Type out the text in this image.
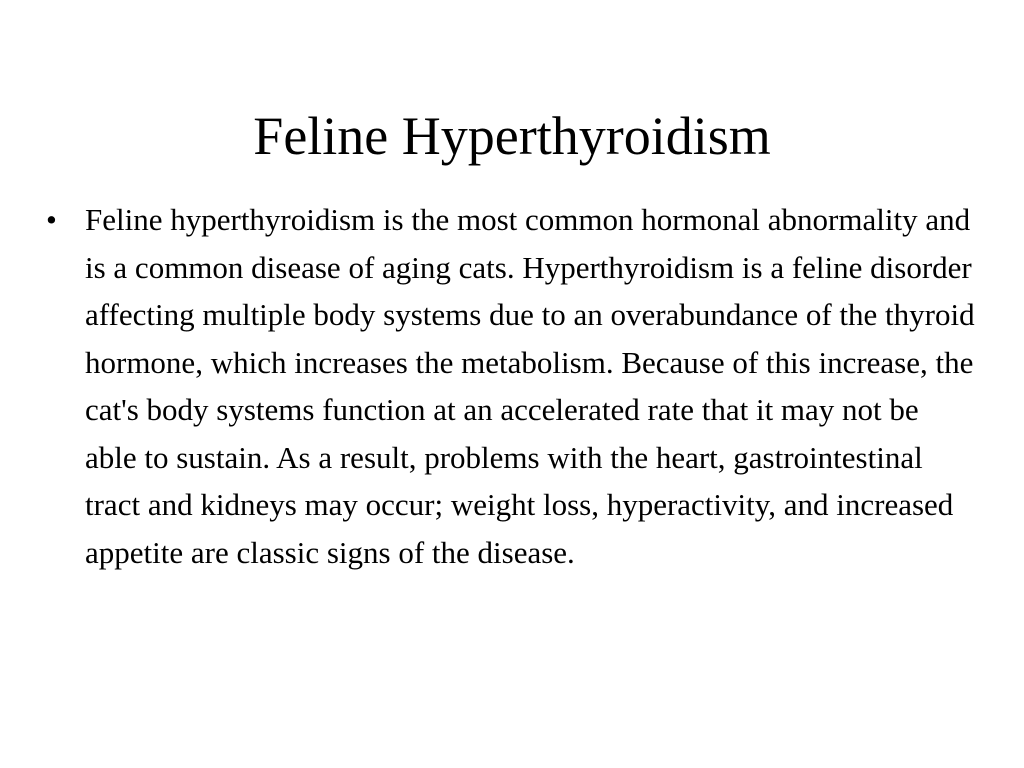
Feline Hyperthyroidism
• Feline hyperthyroidism is the most common hormonal abnormality and is a common disease of aging cats. Hyperthyroidism is a feline disorder affecting multiple body systems due to an overabundance of the thyroid hormone, which increases the metabolism. Because of this increase, the cat's body systems function at an accelerated rate that it may not be able to sustain. As a result, problems with the heart, gastrointestinal tract and kidneys may occur; weight loss, hyperactivity, and increased appetite are classic signs of the disease.
